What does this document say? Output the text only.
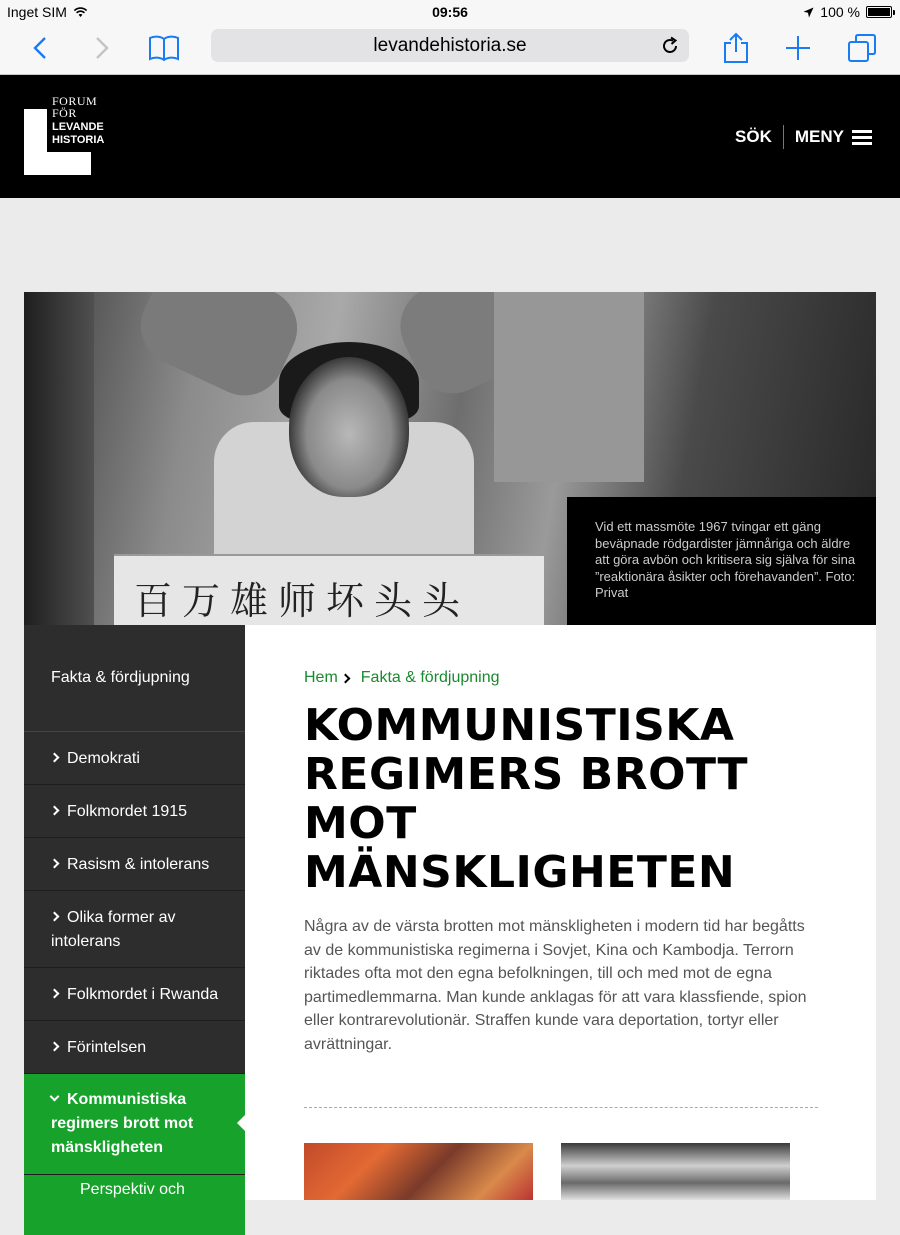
Inget SIM	09:56	100 %
levandehistoria.se
FORUM
FÖR
LEVANDE
HISTORIA	SÖK MENY
百万雄师坏头头
Vid ett massmöte 1967 tvingar ett gäng beväpnade rödgardister jämnåriga och äldre att göra avbön och kritisera sig själva för sina ”reaktionära åsikter och förehavanden”. Foto: Privat
Fakta & fördjupning
Demokrati
Folkmordet 1915
Rasism & intolerans
Olika former av intolerans
Folkmordet i Rwanda
Förintelsen
Kommunistiska regimers brott mot mänskligheten
Perspektiv och
Hem Fakta & fördjupning
KOMMUNISTISKA REGIMERS BROTT MOT MÄNSKLIGHETEN

Några av de värsta brotten mot mänskligheten i modern tid har begåtts av de kommunistiska regimerna i Sovjet, Kina och Kambodja. Terrorn riktades ofta mot den egna befolkningen, till och med mot de egna partimedlemmarna. Man kunde anklagas för att vara klassfiende, spion eller kontrarevolutionär. Straffen kunde vara deportation, tortyr eller avrättningar.
